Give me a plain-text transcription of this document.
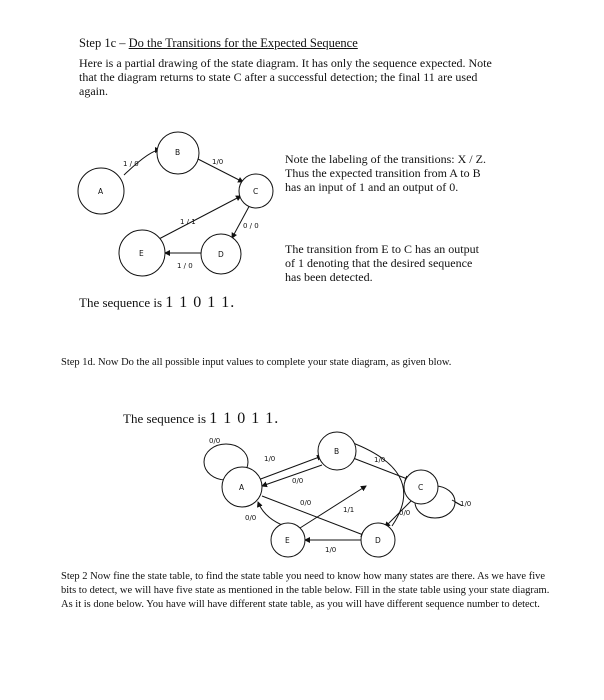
Step 1c – Do the Transitions for the Expected Sequence
Here is a partial drawing of the state diagram. It has only the sequence expected. Note that the diagram returns to state C after a successful detection; the final 11 are used again.
A
B
C
D
E
1 / 0	1/0
0 / 0
1 / 0
1 / 1
Note the labeling of the transitions: X / Z. Thus the expected transition from A to B has an input of 1 and an output of 0.
The transition from E to C has an output of 1 denoting that the desired sequence has been detected.
The sequence is 1 1 0 1 1.
Step 1d. Now Do the all possible input values to complete your state diagram, as given blow.
The sequence is 1 1 0 1 1.
A
B
C
D
E
0/0
1/0
0/0
1/0
1/0
0/0
1/1
0/0
0/0
1/0
Step 2 Now fine the state table, to find the state table you need to know how many states are there. As we have five bits to detect, we will have five state as mentioned in the table below. Fill in the state table using your state diagram. As it is done below. You have will have different state table, as you will have different sequence number to detect.
